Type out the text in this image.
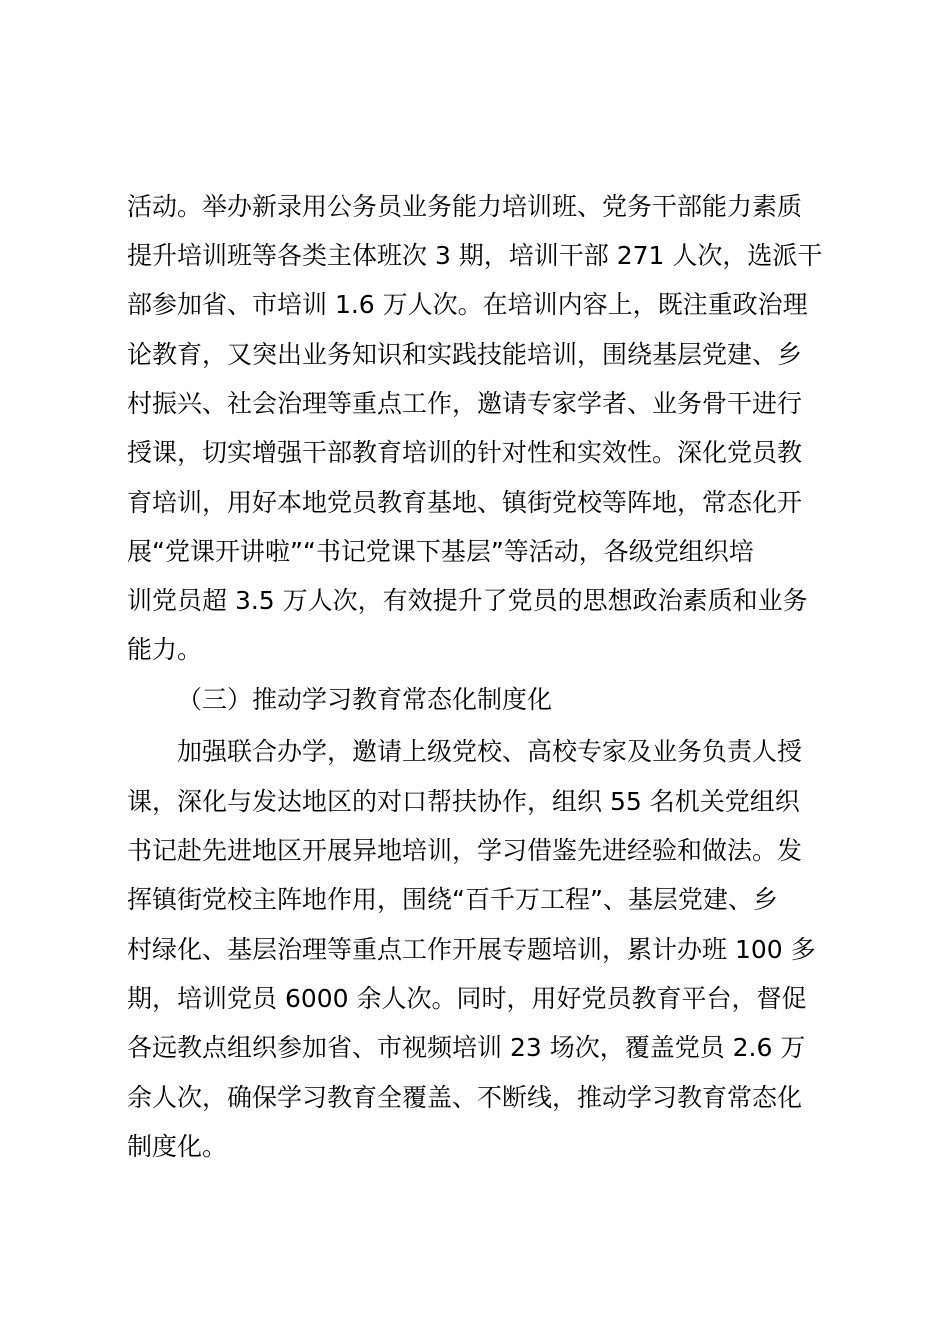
活动。举办新录用公务员业务能力培训班、党务干部能力素质
提升培训班等各类主体班次 3 期，培训干部 271 人次，选派干
部参加省、市培训 1.6 万人次。在培训内容上，既注重政治理
论教育，又突出业务知识和实践技能培训，围绕基层党建、乡
村振兴、社会治理等重点工作，邀请专家学者、业务骨干进行
授课，切实增强干部教育培训的针对性和实效性。深化党员教
育培训，用好本地党员教育基地、镇街党校等阵地，常态化开
展“党课开讲啦”“书记党课下基层”等活动，各级党组织培
训党员超 3.5 万人次，有效提升了党员的思想政治素质和业务
能力。
（三）推动学习教育常态化制度化
加强联合办学，邀请上级党校、高校专家及业务负责人授
课，深化与发达地区的对口帮扶协作，组织 55 名机关党组织
书记赴先进地区开展异地培训，学习借鉴先进经验和做法。发
挥镇街党校主阵地作用，围绕“百千万工程”、基层党建、乡
村绿化、基层治理等重点工作开展专题培训，累计办班 100 多
期，培训党员 6000 余人次。同时，用好党员教育平台，督促
各远教点组织参加省、市视频培训 23 场次，覆盖党员 2.6 万
余人次，确保学习教育全覆盖、不断线，推动学习教育常态化
制度化。
